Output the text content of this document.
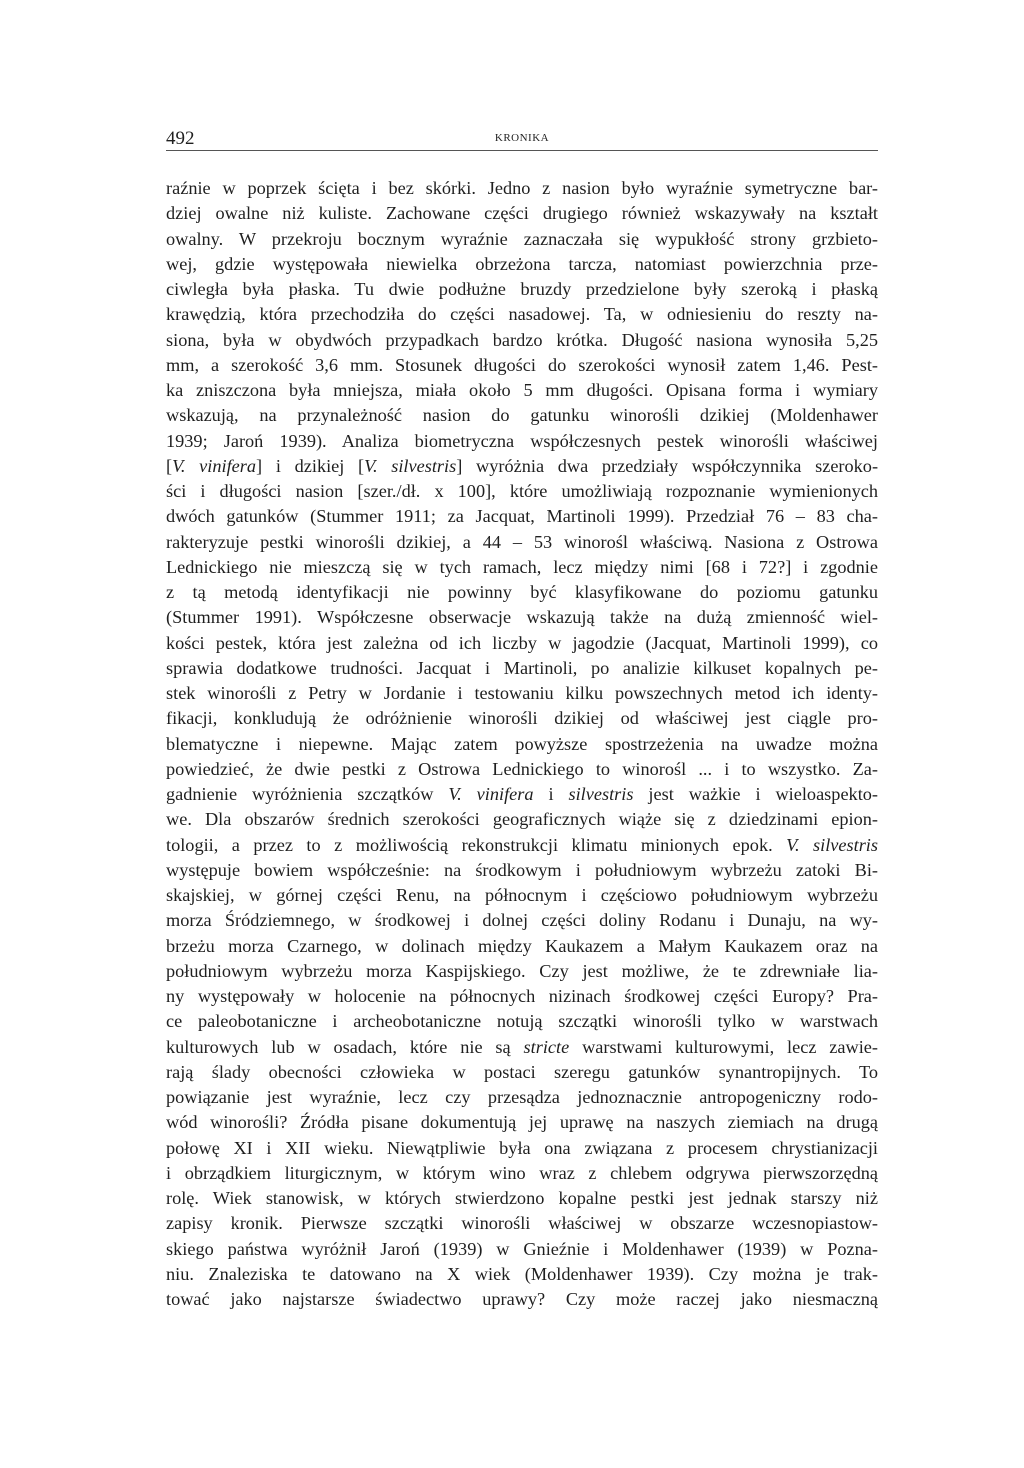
492	KRONIKA
raźnie w poprzek ścięta i bez skórki. Jedno z nasion było wyraźnie symetryczne bar-
dziej owalne niż kuliste. Zachowane części drugiego również wskazywały na kształt
owalny. W przekroju bocznym wyraźnie zaznaczała się wypukłość strony grzbieto-
wej, gdzie występowała niewielka obrzeżona tarcza, natomiast powierzchnia prze-
ciwległa była płaska. Tu dwie podłużne bruzdy przedzielone były szeroką i płaską
krawędzią, która przechodziła do części nasadowej. Ta, w odniesieniu do reszty na-
siona, była w obydwóch przypadkach bardzo krótka. Długość nasiona wynosiła 5,25
mm, a szerokość 3,6 mm. Stosunek długości do szerokości wynosił zatem 1,46. Pest-
ka zniszczona była mniejsza, miała około 5 mm długości. Opisana forma i wymiary
wskazują, na przynależność nasion do gatunku winorośli dzikiej (Moldenhawer
1939; Jaroń 1939). Analiza biometryczna współczesnych pestek winorośli właściwej
[V. vinifera] i dzikiej [V. silvestris] wyróżnia dwa przedziały współczynnika szeroko-
ści i długości nasion [szer./dł. x 100], które umożliwiają rozpoznanie wymienionych
dwóch gatunków (Stummer 1911; za Jacquat, Martinoli 1999). Przedział 76 – 83 cha-
rakteryzuje pestki winorośli dzikiej, a 44 – 53 winorośl właściwą. Nasiona z Ostrowa
Lednickiego nie mieszczą się w tych ramach, lecz między nimi [68 i 72?] i zgodnie
z tą metodą identyfikacji nie powinny być klasyfikowane do poziomu gatunku
(Stummer 1991). Współczesne obserwacje wskazują także na dużą zmienność wiel-
kości pestek, która jest zależna od ich liczby w jagodzie (Jacquat, Martinoli 1999), co
sprawia dodatkowe trudności. Jacquat i Martinoli, po analizie kilkuset kopalnych pe-
stek winorośli z Petry w Jordanie i testowaniu kilku powszechnych metod ich identy-
fikacji, konkludują że odróżnienie winorośli dzikiej od właściwej jest ciągle pro-
blematyczne i niepewne. Mając zatem powyższe spostrzeżenia na uwadze można
powiedzieć, że dwie pestki z Ostrowa Lednickiego to winorośl ... i to wszystko. Za-
gadnienie wyróżnienia szczątków V. vinifera i silvestris jest ważkie i wieloaspekto-
we. Dla obszarów średnich szerokości geograficznych wiąże się z dziedzinami epion-
tologii, a przez to z możliwością rekonstrukcji klimatu minionych epok. V. silvestris
występuje bowiem współcześnie: na środkowym i południowym wybrzeżu zatoki Bi-
skajskiej, w górnej części Renu, na północnym i częściowo południowym wybrzeżu
morza Śródziemnego, w środkowej i dolnej części doliny Rodanu i Dunaju, na wy-
brzeżu morza Czarnego, w dolinach między Kaukazem a Małym Kaukazem oraz na
południowym wybrzeżu morza Kaspijskiego. Czy jest możliwe, że te zdrewniałe lia-
ny występowały w holocenie na północnych nizinach środkowej części Europy? Pra-
ce paleobotaniczne i archeobotaniczne notują szczątki winorośli tylko w warstwach
kulturowych lub w osadach, które nie są stricte warstwami kulturowymi, lecz zawie-
rają ślady obecności człowieka w postaci szeregu gatunków synantropijnych. To
powiązanie jest wyraźnie, lecz czy przesądza jednoznacznie antropogeniczny rodo-
wód winorośli? Źródła pisane dokumentują jej uprawę na naszych ziemiach na drugą
połowę XI i XII wieku. Niewątpliwie była ona związana z procesem chrystianizacji
i obrządkiem liturgicznym, w którym wino wraz z chlebem odgrywa pierwszorzędną
rolę. Wiek stanowisk, w których stwierdzono kopalne pestki jest jednak starszy niż
zapisy kronik. Pierwsze szczątki winorośli właściwej w obszarze wczesnopiastow-
skiego państwa wyróżnił Jaroń (1939) w Gnieźnie i Moldenhawer (1939) w Pozna-
niu. Znaleziska te datowano na X wiek (Moldenhawer 1939). Czy można je trak-
tować jako najstarsze świadectwo uprawy? Czy może raczej jako niesmaczną
